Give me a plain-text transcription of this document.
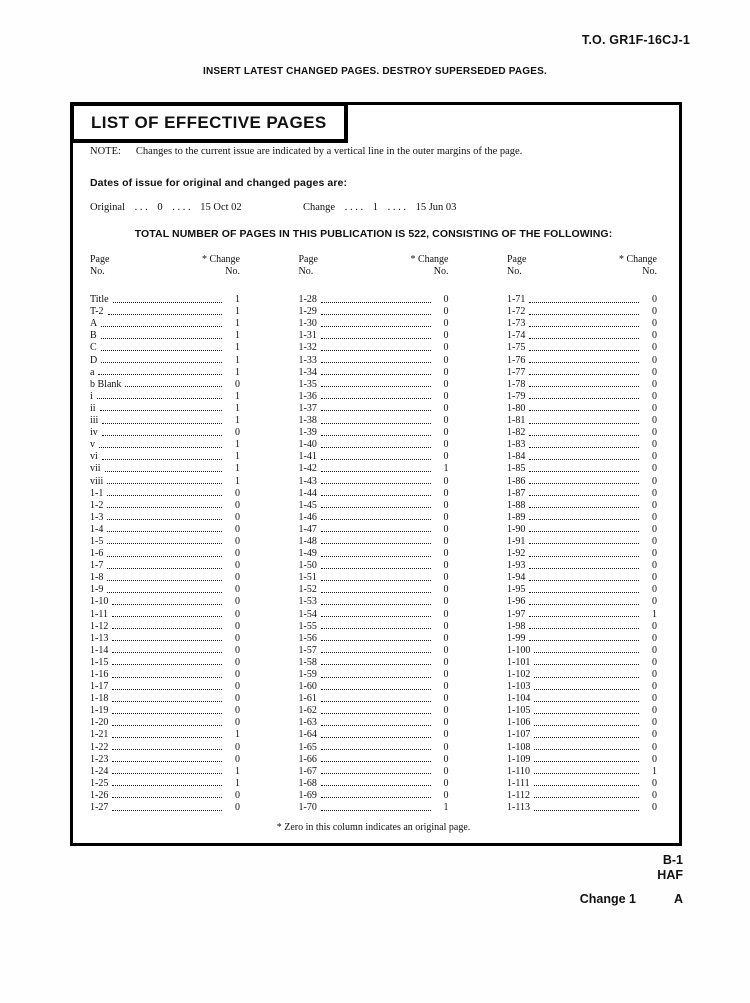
T.O. GR1F-16CJ-1
INSERT LATEST CHANGED PAGES. DESTROY SUPERSEDED PAGES.
LIST OF EFFECTIVE PAGES
NOTE: Changes to the current issue are indicated by a vertical line in the outer margins of the page.
Dates of issue for original and changed pages are:
Original . . . 0 . . . . 15 Oct 02	Change . . . . 1 . . . . 15 Jun 03
TOTAL NUMBER OF PAGES IN THIS PUBLICATION IS 522, CONSISTING OF THE FOLLOWING:
Page
No.
* Change
No.
Title	1
T-2	1
A	1
B	1
C	1
D	1
a	1
b Blank	0
i	1
ii	1
iii	1
iv	0
v	1
vi	1
vii	1
viii	1
1-1	0
1-2	0
1-3	0
1-4	0
1-5	0
1-6	0
1-7	0
1-8	0
1-9	0
1-10	0
1-11	0
1-12	0
1-13	0
1-14	0
1-15	0
1-16	0
1-17	0
1-18	0
1-19	0
1-20	0
1-21	1
1-22	0
1-23	0
1-24	1
1-25	1
1-26	0
1-27	0
Page
No.
* Change
No.
1-28	0
1-29	0
1-30	0
1-31	0
1-32	0
1-33	0
1-34	0
1-35	0
1-36	0
1-37	0
1-38	0
1-39	0
1-40	0
1-41	0
1-42	1
1-43	0
1-44	0
1-45	0
1-46	0
1-47	0
1-48	0
1-49	0
1-50	0
1-51	0
1-52	0
1-53	0
1-54	0
1-55	0
1-56	0
1-57	0
1-58	0
1-59	0
1-60	0
1-61	0
1-62	0
1-63	0
1-64	0
1-65	0
1-66	0
1-67	0
1-68	0
1-69	0
1-70	1
Page
No.
* Change
No.
1-71	0
1-72	0
1-73	0
1-74	0
1-75	0
1-76	0
1-77	0
1-78	0
1-79	0
1-80	0
1-81	0
1-82	0
1-83	0
1-84	0
1-85	0
1-86	0
1-87	0
1-88	0
1-89	0
1-90	0
1-91	0
1-92	0
1-93	0
1-94	0
1-95	0
1-96	0
1-97	1
1-98	0
1-99	0
1-100	0
1-101	0
1-102	0
1-103	0
1-104	0
1-105	0
1-106	0
1-107	0
1-108	0
1-109	0
1-110	1
1-111	0
1-112	0
1-113	0
* Zero in this column indicates an original page.
B-1
HAF
Change 1	A
